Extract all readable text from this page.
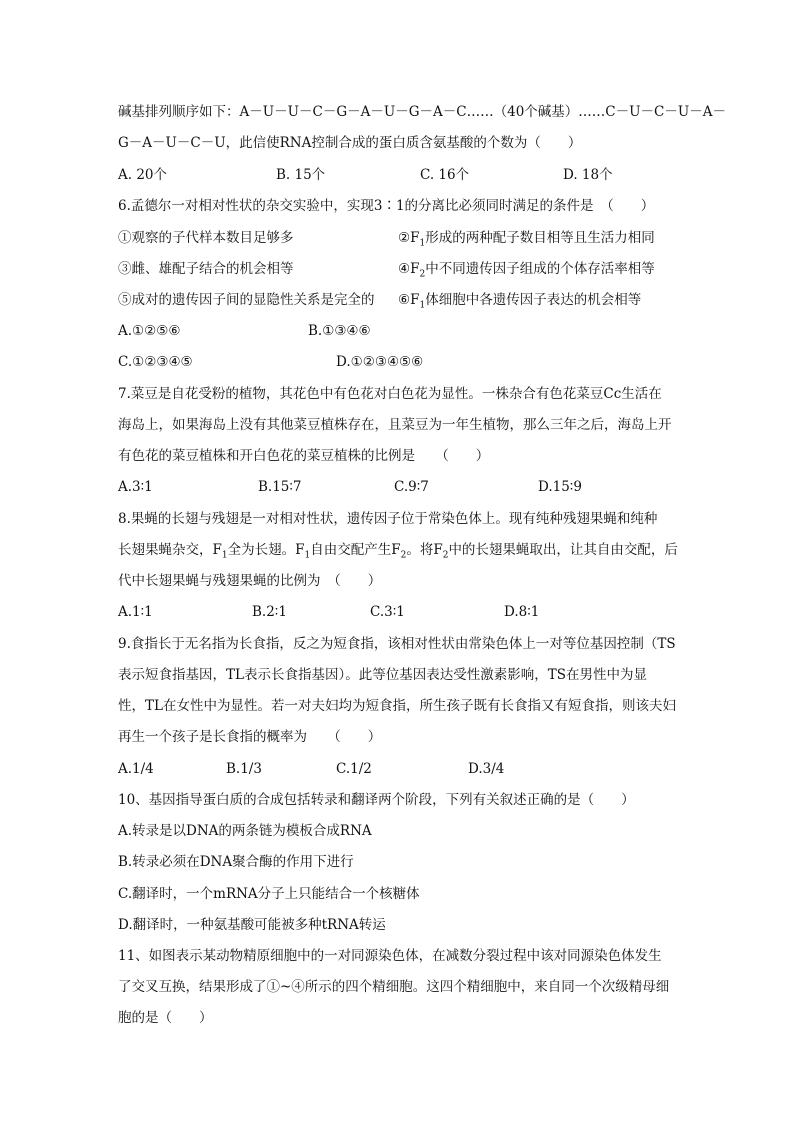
碱基排列顺序如下：A－U－U－C－G－A－U－G－A－C……（40个碱基）……C－U－C－U－A－
G－A－U－C－U，此信使RNA控制合成的蛋白质含氨基酸的个数为（　　）
A. 20个	B. 15个	C. 16个	D. 18个
6.孟德尔一对相对性状的杂交实验中，实现3∶1的分离比必须同时满足的条件是　（　　）
①观察的子代样本数目足够多	$②F_1$形成的两种配子数目相等且生活力相同
③雌、雄配子结合的机会相等	$④F_2$中不同遗传因子组成的个体存活率相等
⑤成对的遗传因子间的显隐性关系是完全的 $⑥F_1$体细胞中各遗传因子表达的机会相等
A.①②⑤⑥	B.①③④⑥
C.①②③④⑤	D.①②③④⑤⑥
7.菜豆是自花受粉的植物，其花色中有色花对白色花为显性。一株杂合有色花菜豆Cc生活在
海岛上，如果海岛上没有其他菜豆植株存在，且菜豆为一年生植物，那么三年之后，海岛上开
有色花的菜豆植株和开白色花的菜豆植株的比例是　　（　　）
A.3∶1	B.15∶7	C.9∶7	D.15∶9
8.果蝇的长翅与残翅是一对相对性状，遗传因子位于常染色体上。现有纯种残翅果蝇和纯种
长翅果蝇杂交，$F_1$全为长翅。$F_1$自由交配产生$F_2$。将$F_2$中的长翅果蝇取出，让其自由交配，后
代中长翅果蝇与残翅果蝇的比例为　（　　）
A.1∶1	B.2∶1	C.3∶1	D.8∶1
9.食指长于无名指为长食指，反之为短食指，该相对性状由常染色体上一对等位基因控制（TS
表示短食指基因，TL表示长食指基因）。此等位基因表达受性激素影响，TS在男性中为显
性，TL在女性中为显性。若一对夫妇均为短食指，所生孩子既有长食指又有短食指，则该夫妇
再生一个孩子是长食指的概率为　　（　　）
A.1/4	B.1/3	C.1/2	D.3/4
10、基因指导蛋白质的合成包括转录和翻译两个阶段，下列有关叙述正确的是（　　）
A.转录是以DNA的两条链为模板合成RNA
B.转录必须在DNA聚合酶的作用下进行
C.翻译时，一个mRNA分子上只能结合一个核糖体
D.翻译时，一种氨基酸可能被多种tRNA转运
11、如图表示某动物精原细胞中的一对同源染色体，在减数分裂过程中该对同源染色体发生
了交叉互换，结果形成了①~④所示的四个精细胞。这四个精细胞中，来自同一个次级精母细
胞的是（　　）
